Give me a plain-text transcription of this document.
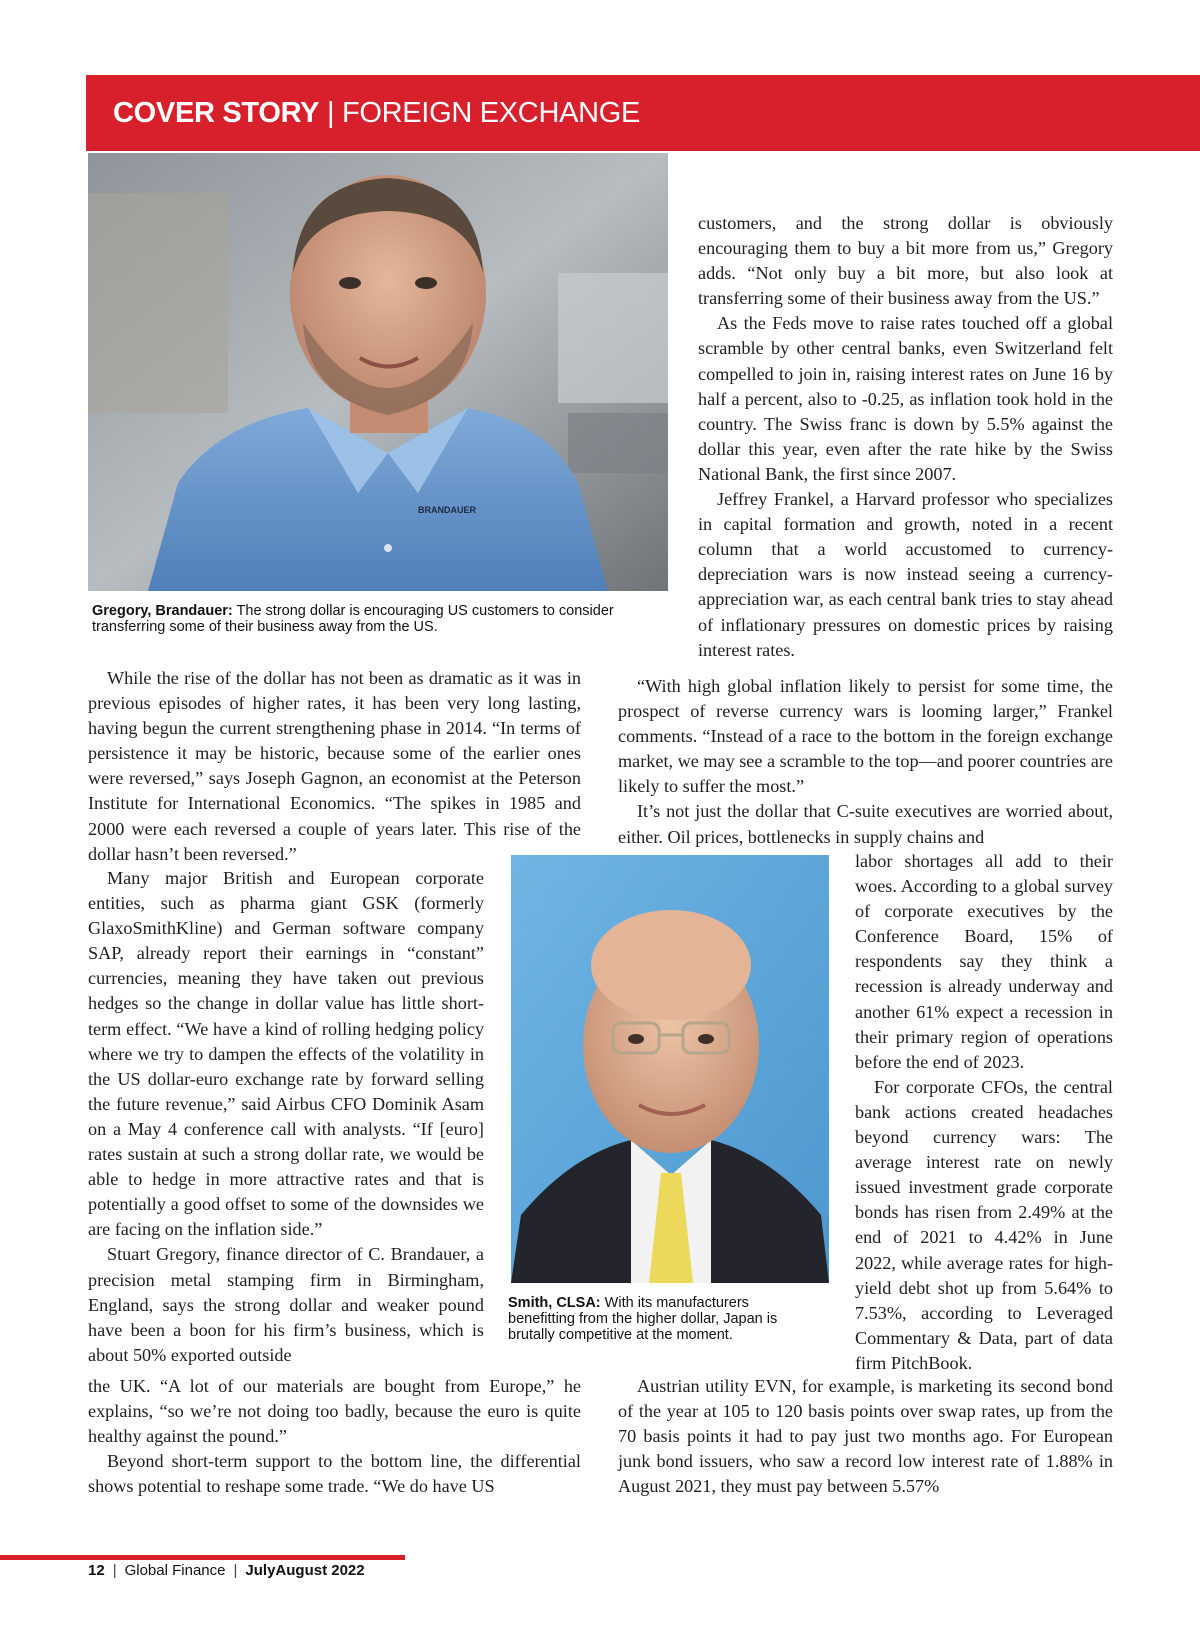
COVER STORY | FOREIGN EXCHANGE
BRANDAUER
Gregory, Brandauer: The strong dollar is encouraging US customers to consider transferring some of their business away from the US.
Smith, CLSA: With its manufacturers benefitting from the higher dollar, Japan is brutally competitive at the moment.

customers, and the strong dollar is obviously encouraging them to buy a bit more from us,” Gregory adds. “Not only buy a bit more, but also look at transferring some of their business away from the US.”

As the Feds move to raise rates touched off a global scramble by other central banks, even Switzerland felt compelled to join in, raising interest rates on June 16 by half a percent, also to -0.25, as inflation took hold in the country. The Swiss franc is down by 5.5% against the dollar this year, even after the rate hike by the Swiss National Bank, the first since 2007.

Jeffrey Frankel, a Harvard professor who specializes in capital formation and growth, noted in a recent column that a world accustomed to currency-depreciation wars is now instead seeing a currency-appreciation war, as each central bank tries to stay ahead of inflationary pressures on domestic prices by raising interest rates.

“With high global inflation likely to persist for some time, the prospect of reverse currency wars is looming larger,” Frankel comments. “Instead of a race to the bottom in the foreign exchange market, we may see a scramble to the top—and poorer countries are likely to suffer the most.”

It’s not just the dollar that C-suite executives are worried about, either. Oil prices, bottlenecks in supply chains and

labor shortages all add to their woes. According to a global survey of corporate executives by the Conference Board, 15% of respondents say they think a recession is already underway and another 61% expect a recession in their primary region of operations before the end of 2023.

For corporate CFOs, the central bank actions created headaches beyond currency wars: The average interest rate on newly issued investment grade corporate bonds has risen from 2.49% at the end of 2021 to 4.42% in June 2022, while average rates for high-yield debt shot up from 5.64% to 7.53%, according to Leveraged Commentary & Data, part of data firm PitchBook.

Austrian utility EVN, for example, is marketing its second bond of the year at 105 to 120 basis points over swap rates, up from the 70 basis points it had to pay just two months ago. For European junk bond issuers, who saw a record low interest rate of 1.88% in August 2021, they must pay between 5.57%

While the rise of the dollar has not been as dramatic as it was in previous episodes of higher rates, it has been very long lasting, having begun the current strengthening phase in 2014. “In terms of persistence it may be historic, because some of the earlier ones were reversed,” says Joseph Gagnon, an economist at the Peterson Institute for International Economics. “The spikes in 1985 and 2000 were each reversed a couple of years later. This rise of the dollar hasn’t been reversed.”

Many major British and European corporate entities, such as pharma giant GSK (formerly GlaxoSmithKline) and German software company SAP, already report their earnings in “constant” currencies, meaning they have taken out previous hedges so the change in dollar value has little short-term effect. “We have a kind of rolling hedging policy where we try to dampen the effects of the volatility in the US dollar-euro exchange rate by forward selling the future revenue,” said Airbus CFO Dominik Asam on a May 4 conference call with analysts. “If [euro] rates sustain at such a strong dollar rate, we would be able to hedge in more attractive rates and that is potentially a good offset to some of the downsides we are facing on the inflation side.”

Stuart Gregory, finance director of C. Brandauer, a precision metal stamping firm in Birmingham, England, says the strong dollar and weaker pound have been a boon for his firm’s business, which is about 50% exported outside

the UK. “A lot of our materials are bought from Europe,” he explains, “so we’re not doing too badly, because the euro is quite healthy against the pound.”

Beyond short-term support to the bottom line, the differential shows potential to reshape some trade. “We do have US

12 | Global Finance | JulyAugust 2022
